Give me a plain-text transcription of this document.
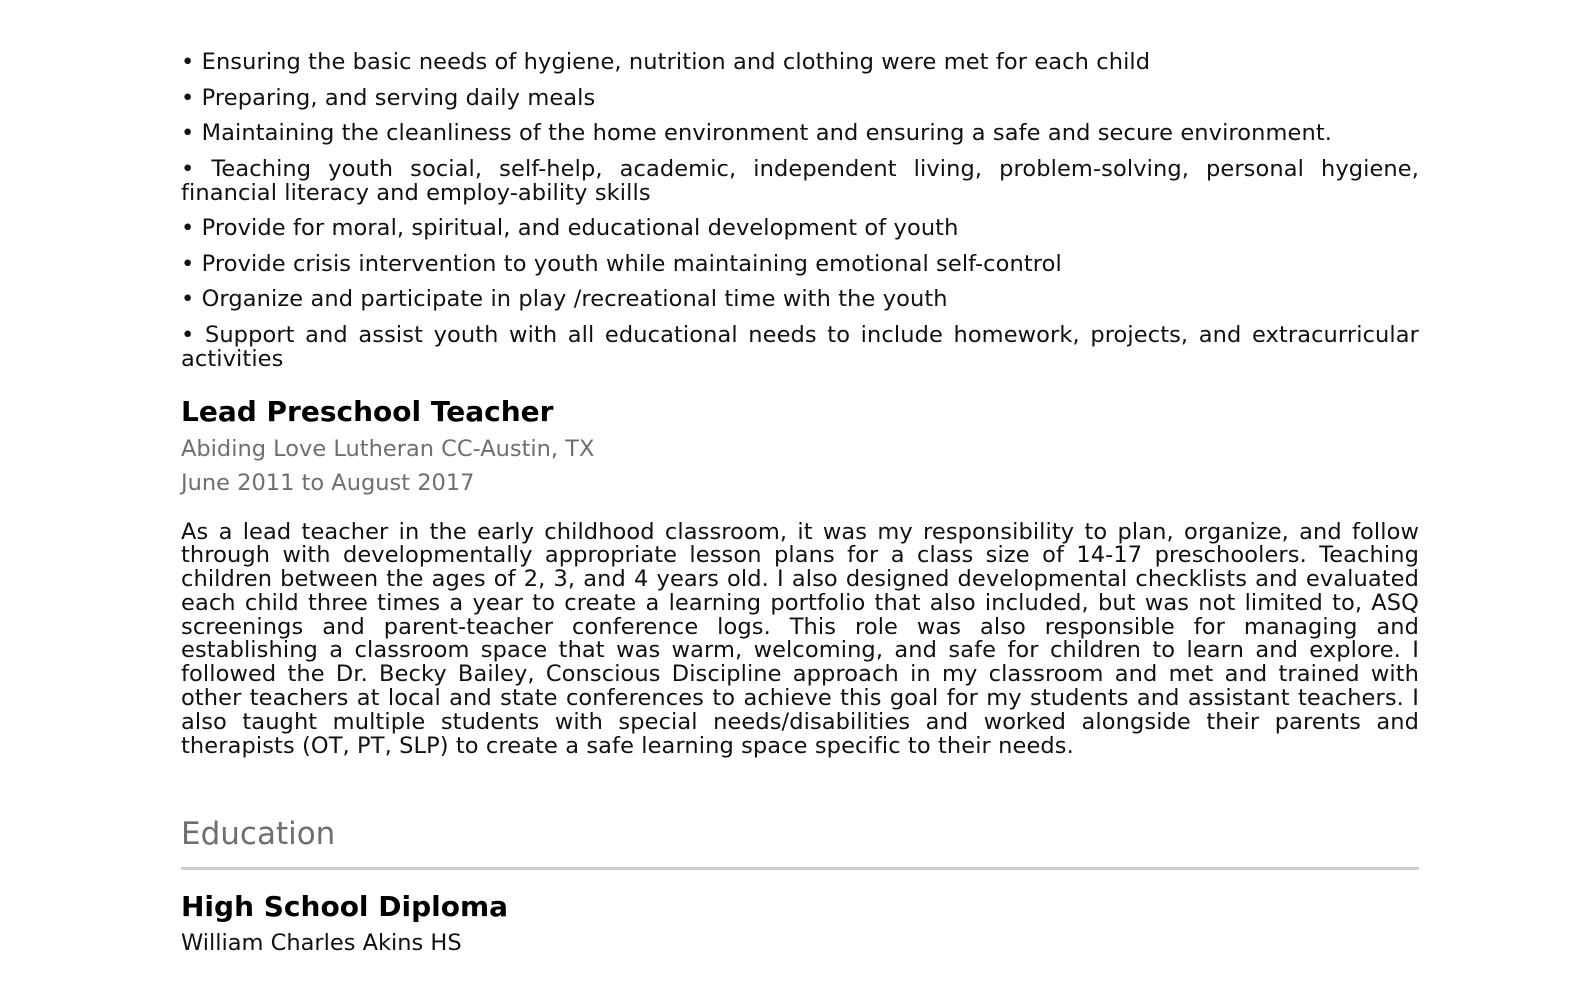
• Ensuring the basic needs of hygiene, nutrition and clothing were met for each child
• Preparing, and serving daily meals
• Maintaining the cleanliness of the home environment and ensuring a safe and secure environment.
• Teaching youth social, self-help, academic, independent living, problem-solving, personal hygiene, financial literacy and employ-ability skills
• Provide for moral, spiritual, and educational development of youth
• Provide crisis intervention to youth while maintaining emotional self-control
• Organize and participate in play /recreational time with the youth
• Support and assist youth with all educational needs to include homework, projects, and extracurricular activities
Lead Preschool Teacher
Abiding Love Lutheran CC-Austin, TX
June 2011 to August 2017

As a lead teacher in the early childhood classroom, it was my responsibility to plan, organize, and follow through with developmentally appropriate lesson plans for a class size of 14-17 preschoolers. Teaching children between the ages of 2, 3, and 4 years old. I also designed developmental checklists and evaluated each child three times a year to create a learning portfolio that also included, but was not limited to, ASQ screenings and parent-teacher conference logs. This role was also responsible for managing and establishing a classroom space that was warm, welcoming, and safe for children to learn and explore. I followed the Dr. Becky Bailey, Conscious Discipline approach in my classroom and met and trained with other teachers at local and state conferences to achieve this goal for my students and assistant teachers. I also taught multiple students with special needs/disabilities and worked alongside their parents and therapists (OT, PT, SLP) to create a safe learning space specific to their needs.

Education
High School Diploma
William Charles Akins HS
